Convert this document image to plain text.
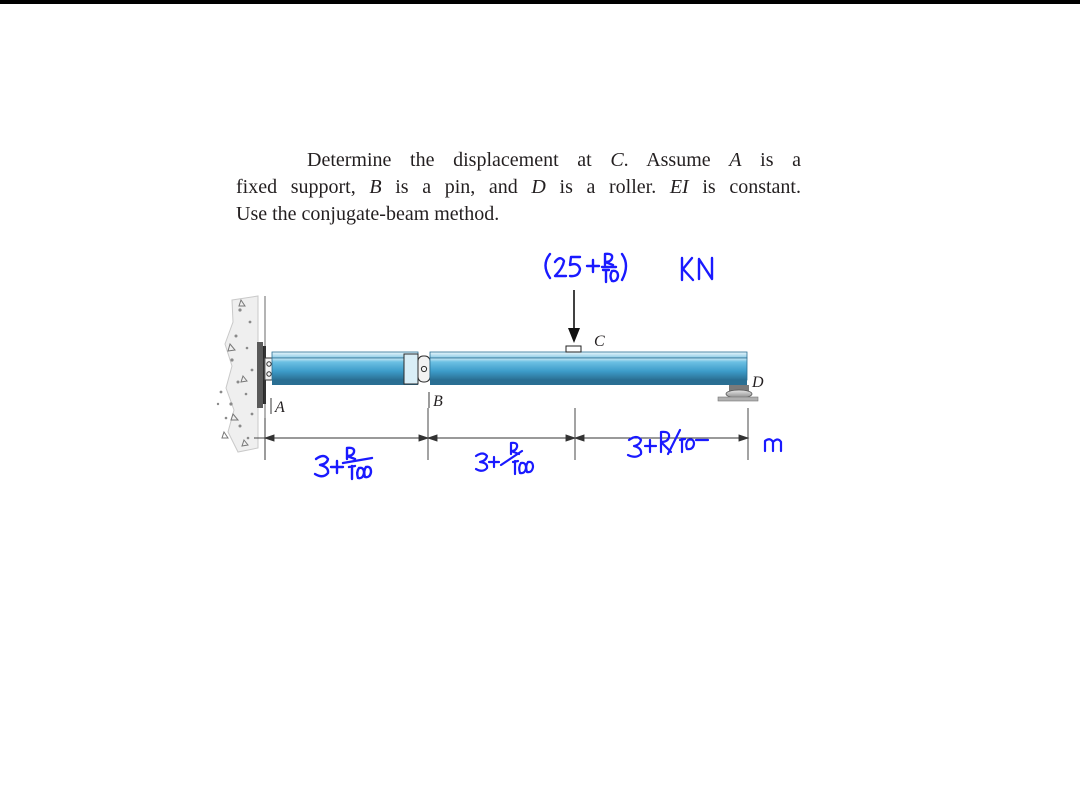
Determine the displacement at C. Assume A is a
fixed support, B is a pin, and D is a roller. EI is constant.
Use the conjugate-beam method.
A	B
C
D
